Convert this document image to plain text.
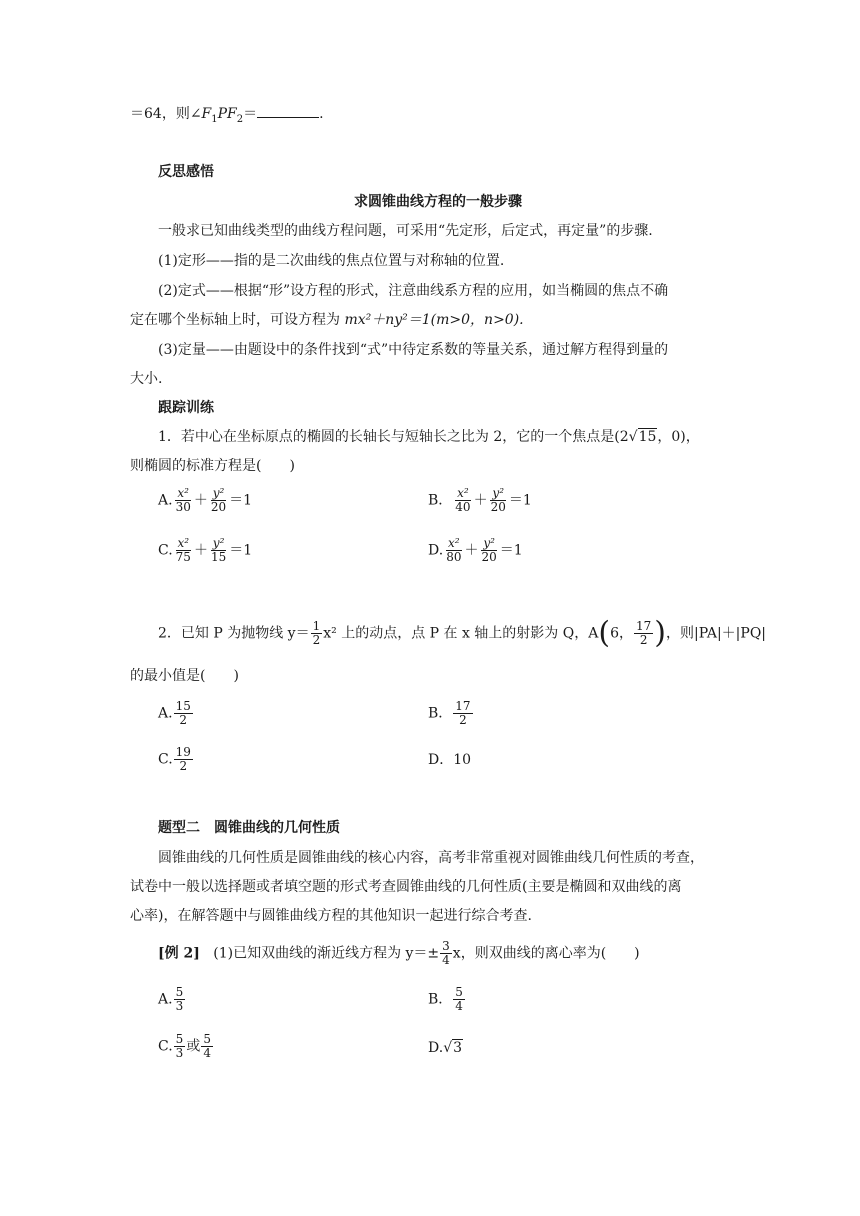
＝64，则$\angle F_1PF_2=$	.
反思感悟
求圆锥曲线方程的一般步骤
一般求已知曲线类型的曲线方程问题，可采用“先定形，后定式，再定量”的步骤.
(1)定形——指的是二次曲线的焦点位置与对称轴的位置.
(2)定式——根据“形”设方程的形式，注意曲线系方程的应用，如当椭圆的焦点不确
定在哪个坐标轴上时，可设方程为 mx²＋ny²＝1(m>0，n>0).
(3)定量——由题设中的条件找到“式”中待定系数的等量关系，通过解方程得到量的
大小.
跟踪训练
1．若中心在坐标原点的椭圆的长轴长与短轴长之比为 2，它的一个焦点是(2√15，0)，
则椭圆的标准方程是(　　)
A. $\frac{\text{x²}}{30} + \frac{\text{y²}}{20} =1$	B． $\frac{\text{x²}}{40} + \frac{\text{y²}}{20} =1$
C. $\frac{\text{x²}}{75} + \frac{\text{y²}}{15} =1$	D. $\frac{\text{x²}}{80} + \frac{\text{y²}}{20} =1$
2．已知 P 为抛物线 $y= \frac{1}{2} x^2$ 上的动点，点 P 在 x 轴上的射影为 Q，A(6， $\frac{17}{2}$ )，则|PA|＋|PQ|
的最小值是(　　)
A. $\frac{15}{2}$	B． $\frac{17}{2}$
C. $\frac{19}{2}$	D．10
题型二　圆锥曲线的几何性质
圆锥曲线的几何性质是圆锥曲线的核心内容，高考非常重视对圆锥曲线几何性质的考查，
试卷中一般以选择题或者填空题的形式考查圆锥曲线的几何性质(主要是椭圆和双曲线的离
心率)，在解答题中与圆锥曲线方程的其他知识一起进行综合考查.
[例 2] (1)已知双曲线的渐近线方程为 $y=\pm \frac{3}{4}$ x，则双曲线的离心率为(　　)
A. $\frac{5}{3}$	B． $\frac{5}{4}$
C. $\frac{5}{3}$ 或 $\frac{5}{4}$	D.√3
